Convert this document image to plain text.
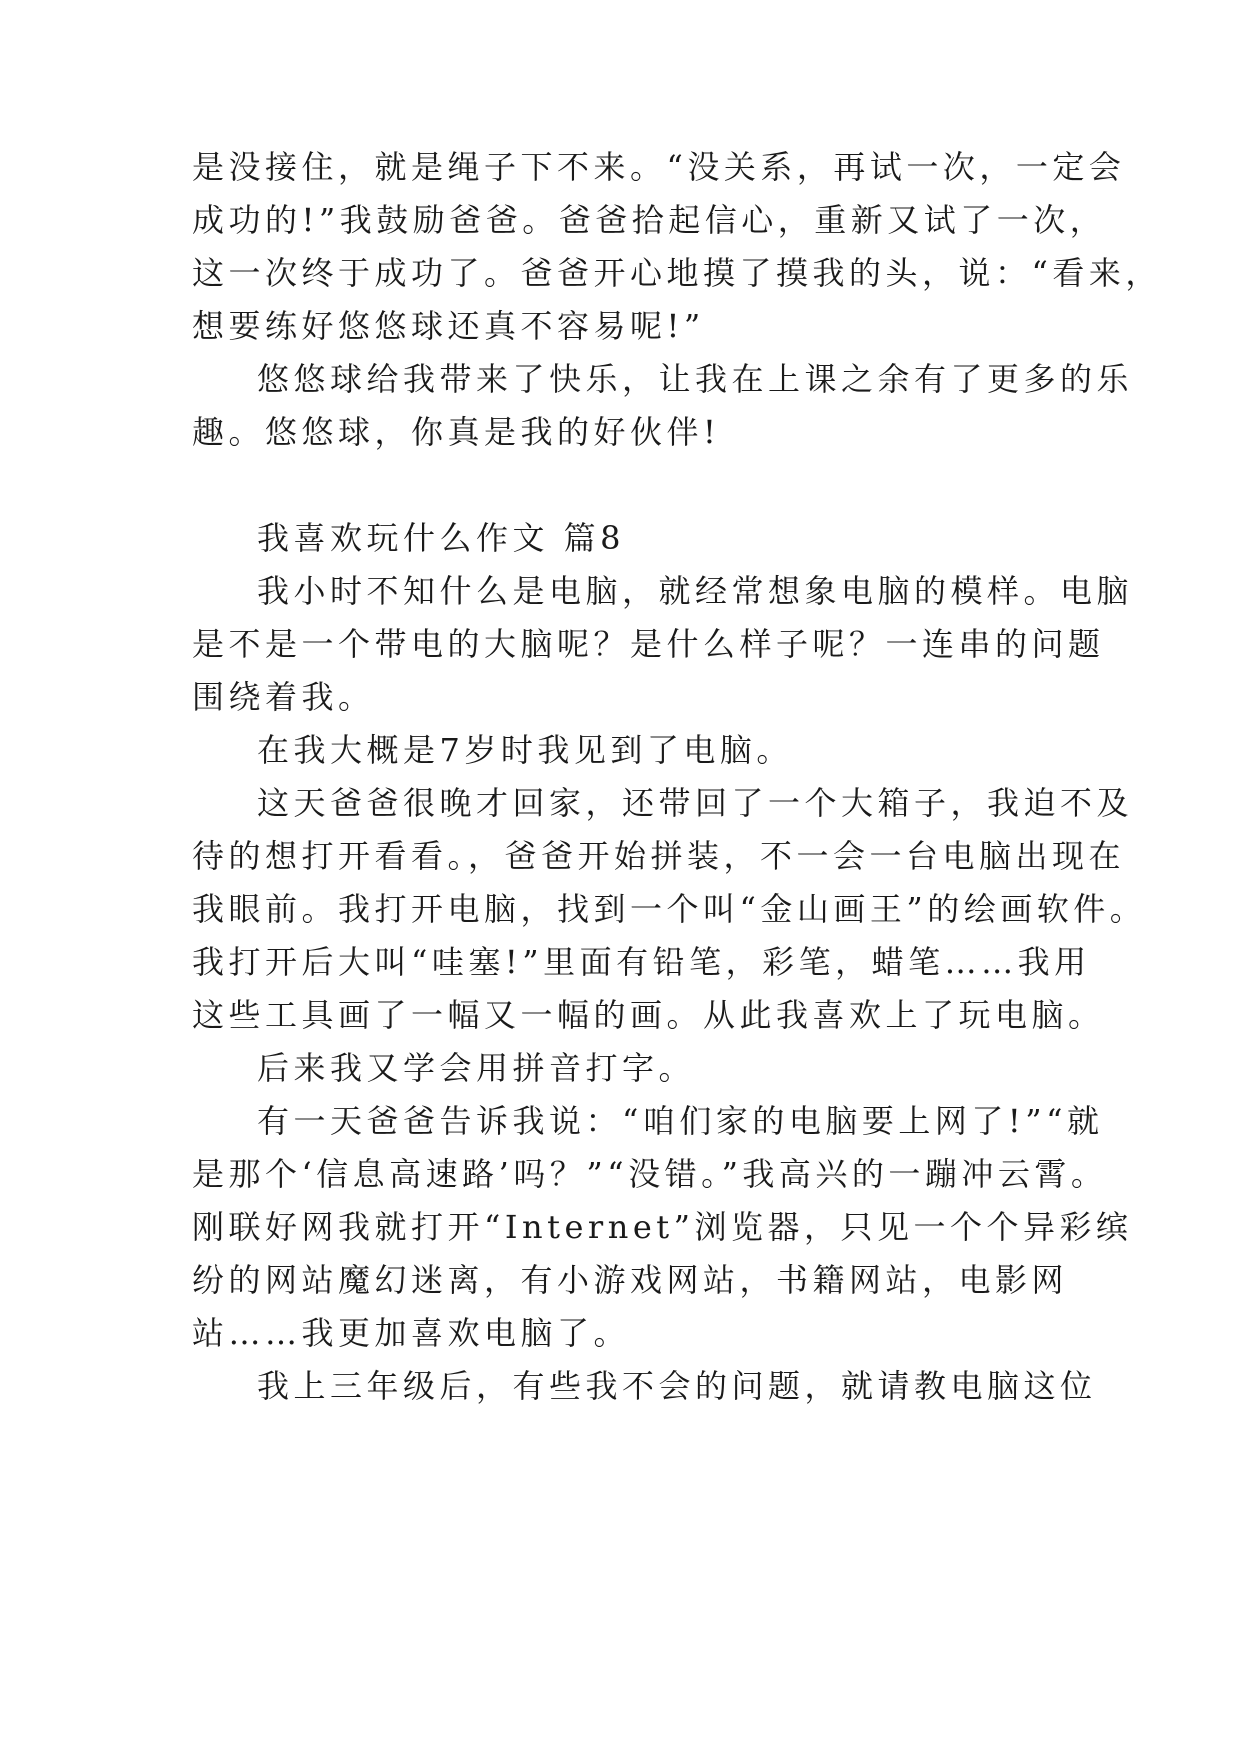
是没接住，就是绳子下不来。“没关系，再试一次，一定会
成功的!”我鼓励爸爸。爸爸拾起信心，重新又试了一次，
这一次终于成功了。爸爸开心地摸了摸我的头，说：“看来，
想要练好悠悠球还真不容易呢!”
悠悠球给我带来了快乐，让我在上课之余有了更多的乐
趣。悠悠球，你真是我的好伙伴!
我喜欢玩什么作文 篇8
我小时不知什么是电脑，就经常想象电脑的模样。电脑
是不是一个带电的大脑呢？是什么样子呢？一连串的问题
围绕着我。
在我大概是7岁时我见到了电脑。
这天爸爸很晚才回家，还带回了一个大箱子，我迫不及
待的想打开看看。，爸爸开始拼装，不一会一台电脑出现在
我眼前。我打开电脑，找到一个叫“金山画王”的绘画软件。
我打开后大叫“哇塞!”里面有铅笔，彩笔，蜡笔……我用
这些工具画了一幅又一幅的画。从此我喜欢上了玩电脑。
后来我又学会用拼音打字。
有一天爸爸告诉我说：“咱们家的电脑要上网了!”“就
是那个‘信息高速路’吗？”“没错。”我高兴的一蹦冲云霄。
刚联好网我就打开“Internet”浏览器，只见一个个异彩缤
纷的网站魔幻迷离，有小游戏网站，书籍网站，电影网
站……我更加喜欢电脑了。
我上三年级后，有些我不会的问题，就请教电脑这位
